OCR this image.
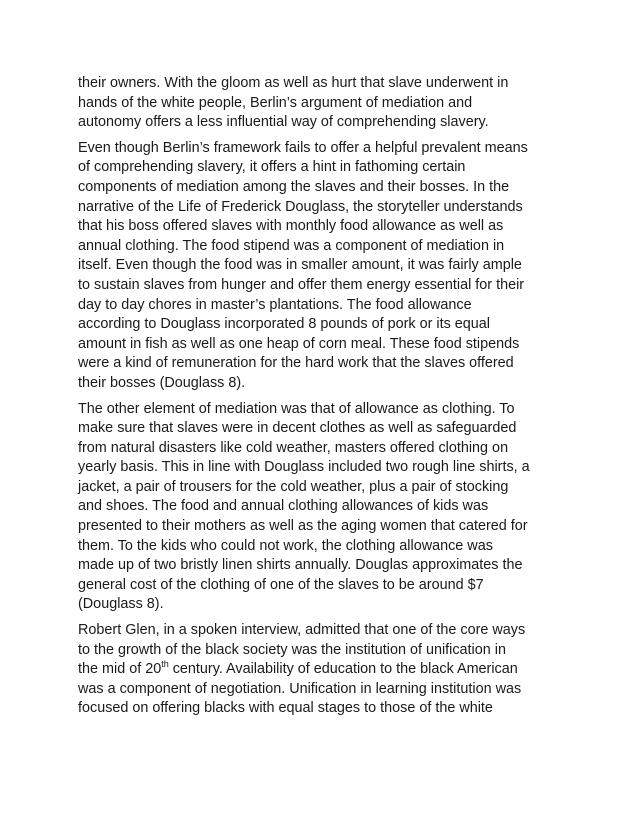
their owners. With the gloom as well as hurt that slave underwent in
hands of the white people, Berlin’s argument of mediation and
autonomy offers a less influential way of comprehending slavery.

Even though Berlin’s framework fails to offer a helpful prevalent means
of comprehending slavery, it offers a hint in fathoming certain
components of mediation among the slaves and their bosses. In the
narrative of the Life of Frederick Douglass, the storyteller understands
that his boss offered slaves with monthly food allowance as well as
annual clothing. The food stipend was a component of mediation in
itself. Even though the food was in smaller amount, it was fairly ample
to sustain slaves from hunger and offer them energy essential for their
day to day chores in master’s plantations. The food allowance
according to Douglass incorporated 8 pounds of pork or its equal
amount in fish as well as one heap of corn meal. These food stipends
were a kind of remuneration for the hard work that the slaves offered
their bosses (Douglass 8).

The other element of mediation was that of allowance as clothing. To
make sure that slaves were in decent clothes as well as safeguarded
from natural disasters like cold weather, masters offered clothing on
yearly basis. This in line with Douglass included two rough line shirts, a
jacket, a pair of trousers for the cold weather, plus a pair of stocking
and shoes. The food and annual clothing allowances of kids was
presented to their mothers as well as the aging women that catered for
them. To the kids who could not work, the clothing allowance was
made up of two bristly linen shirts annually. Douglas approximates the
general cost of the clothing of one of the slaves to be around $7
(Douglass 8).

Robert Glen, in a spoken interview, admitted that one of the core ways
to the growth of the black society was the institution of unification in
the mid of 20th century. Availability of education to the black American
was a component of negotiation. Unification in learning institution was
focused on offering blacks with equal stages to those of the white
